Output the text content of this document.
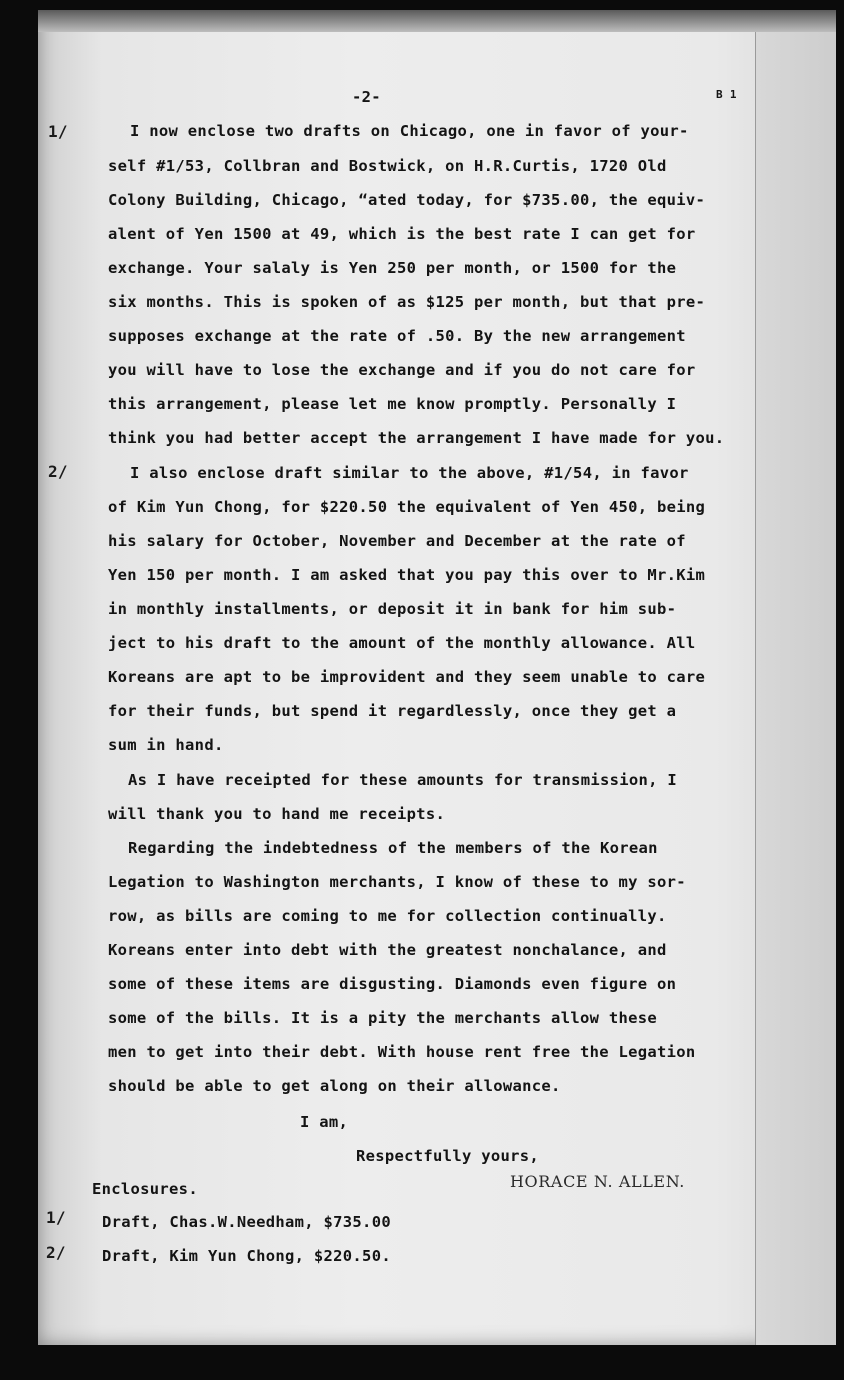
-2-	B 1
1/
2/
1/
2/
I now enclose two drafts on Chicago, one in favor of your-
self #1/53, Collbran and Bostwick, on H.R.Curtis, 1720 Old
Colony Building, Chicago, “ated today, for $735.00, the equiv-
alent of Yen 1500 at 49, which is the best rate I can get for
exchange. Your salaly is Yen 250 per month, or 1500 for the
six months. This is spoken of as $125 per month, but that pre-
supposes exchange at the rate of .50. By the new arrangement
you will have to lose the exchange and if you do not care for
this arrangement, please let me know promptly. Personally I
think you had better accept the arrangement I have made for you.
I also enclose draft similar to the above, #1/54, in favor
of Kim Yun Chong, for $220.50 the equivalent of Yen 450, being
his salary for October, November and December at the rate of
Yen 150 per month. I am asked that you pay this over to Mr.Kim
in monthly installments, or deposit it in bank for him sub-
ject to his draft to the amount of the monthly allowance. All
Koreans are apt to be improvident and they seem unable to care
for their funds, but spend it regardlessly, once they get a
sum in hand.
As I have receipted for these amounts for transmission, I
will thank you to hand me receipts.
Regarding the indebtedness of the members of the Korean
Legation to Washington merchants, I know of these to my sor-
row, as bills are coming to me for collection continually.
Koreans enter into debt with the greatest nonchalance, and
some of these items are disgusting. Diamonds even figure on
some of the bills. It is a pity the merchants allow these
men to get into their debt. With house rent free the Legation
should be able to get along on their allowance.
I am,
Respectfully yours,
HORACE N. ALLEN.
Enclosures.
Draft, Chas.W.Needham, $735.00
Draft, Kim Yun Chong, $220.50.
